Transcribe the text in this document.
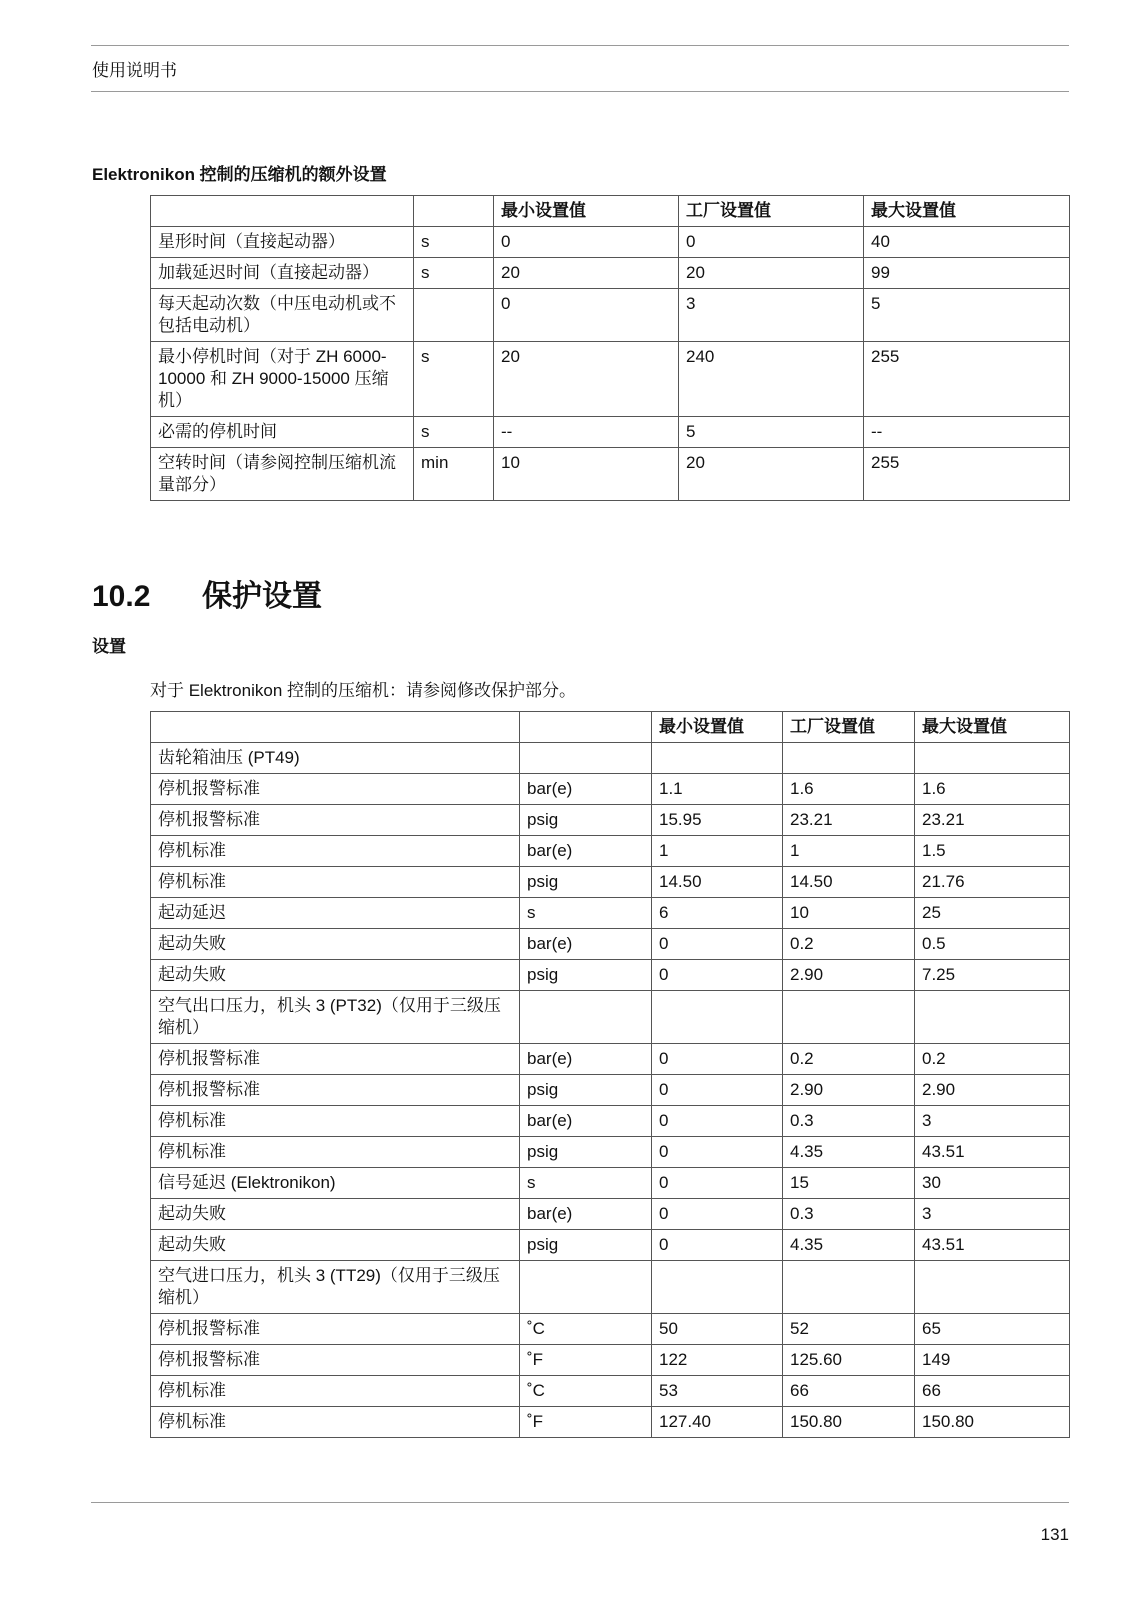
使用说明书
Elektronikon 控制的压缩机的额外设置
		最小设置值	工厂设置值	最大设置值
星形时间（直接起动器）	s	0	0	40
加载延迟时间（直接起动器）	s	20	20	99
每天起动次数（中压电动机或不包括电动机）		0	3	5
最小停机时间（对于 ZH 6000-10000 和 ZH 9000-15000 压缩机）	s	20	240	255
必需的停机时间	s	--	5	--
空转时间（请参阅控制压缩机流量部分）	min	10	20	255
10.2 保护设置
设置
对于 Elektronikon 控制的压缩机：请参阅修改保护部分。
		最小设置值	工厂设置值	最大设置值
齿轮箱油压 (PT49)				
停机报警标准	bar(e)	1.1	1.6	1.6
停机报警标准	psig	15.95	23.21	23.21
停机标准	bar(e)	1	1	1.5
停机标准	psig	14.50	14.50	21.76
起动延迟	s	6	10	25
起动失败	bar(e)	0	0.2	0.5
起动失败	psig	0	2.90	7.25
空气出口压力，机头 3 (PT32)（仅用于三级压缩机）				
停机报警标准	bar(e)	0	0.2	0.2
停机报警标准	psig	0	2.90	2.90
停机标准	bar(e)	0	0.3	3
停机标准	psig	0	4.35	43.51
信号延迟 (Elektronikon)	s	0	15	30
起动失败	bar(e)	0	0.3	3
起动失败	psig	0	4.35	43.51
空气进口压力，机头 3 (TT29)（仅用于三级压缩机）				
停机报警标准	˚C	50	52	65
停机报警标准	˚F	122	125.60	149
停机标准	˚C	53	66	66
停机标准	˚F	127.40	150.80	150.80
131
